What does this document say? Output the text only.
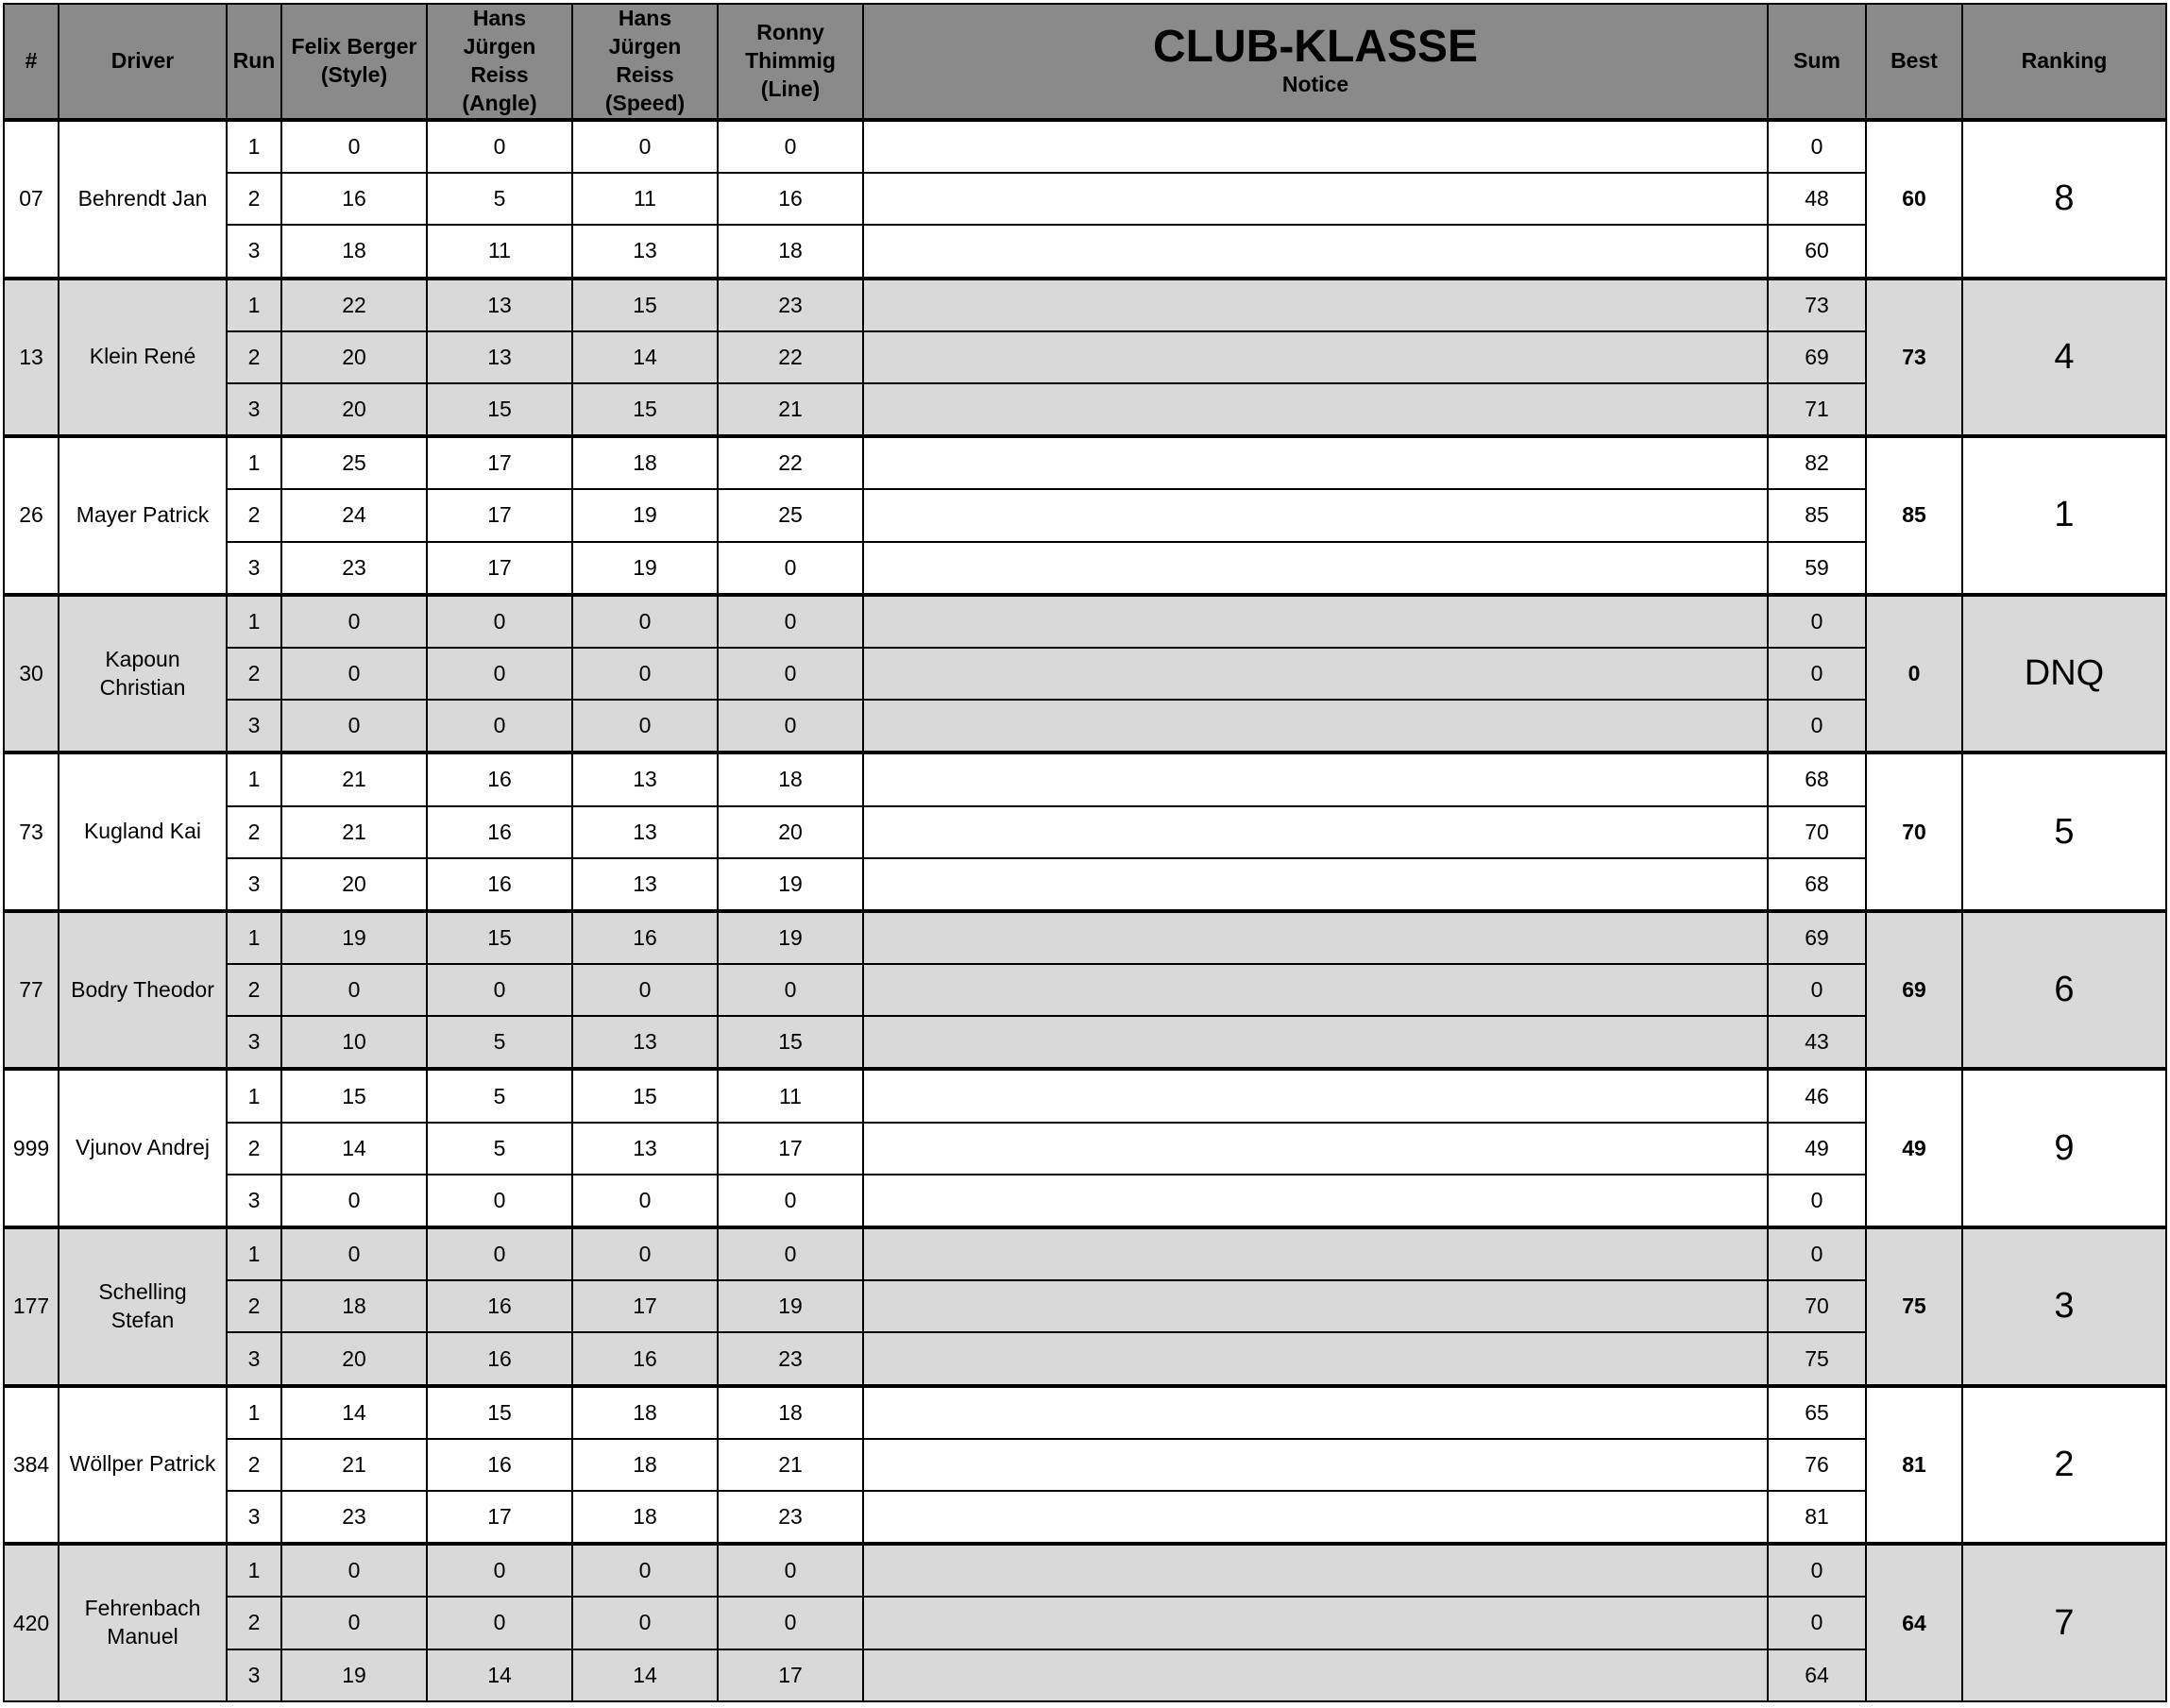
#	Driver	Run	Felix Berger
(Style)	Hans
Jürgen
Reiss
(Angle)	Hans
Jürgen
Reiss
(Speed)	Ronny
Thimmig
(Line)	CLUB-KLASSE
Notice	Sum	Best	Ranking
07	Behrendt Jan	1	0	0	0	0		0	60	8
		2	16	5	11	16		48		
		3	18	11	13	18		60		
13	Klein René	1	22	13	15	23		73	73	4
		2	20	13	14	22		69		
		3	20	15	15	21		71		
26	Mayer Patrick	1	25	17	18	22		82	85	1
		2	24	17	19	25		85		
		3	23	17	19	0		59		
30	Kapoun
Christian	1	0	0	0	0		0	0	DNQ
		2	0	0	0	0		0		
		3	0	0	0	0		0		
73	Kugland Kai	1	21	16	13	18		68	70	5
		2	21	16	13	20		70		
		3	20	16	13	19		68		
77	Bodry Theodor	1	19	15	16	19		69	69	6
		2	0	0	0	0		0		
		3	10	5	13	15		43		
999	Vjunov Andrej	1	15	5	15	11		46	49	9
		2	14	5	13	17		49		
		3	0	0	0	0		0		
177	Schelling
Stefan	1	0	0	0	0		0	75	3
		2	18	16	17	19		70		
		3	20	16	16	23		75		
384	Wöllper Patrick	1	14	15	18	18		65	81	2
		2	21	16	18	21		76		
		3	23	17	18	23		81		
420	Fehrenbach
Manuel	1	0	0	0	0		0	64	7
		2	0	0	0	0		0		
		3	19	14	14	17		64		
